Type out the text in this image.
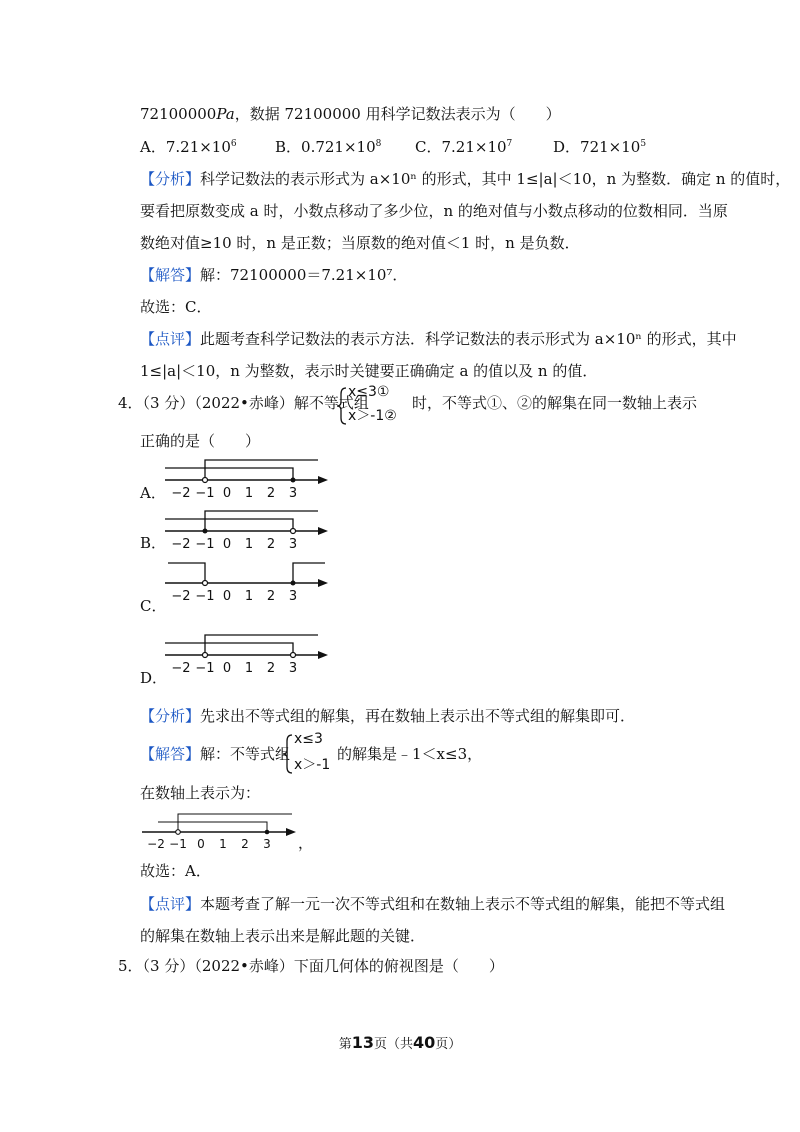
72100000Pa，数据 72100000 用科学记数法表示为（　　）
A．$7.21\times 10^6$	B．$0.721\times 10^8$ C．$7.21\times 10^7$	D．$721\times 10^5$
【分析】科学记数法的表示形式为 a×10ⁿ 的形式，其中 1≤|a|＜10，n 为整数．确定 n 的值时，
要看把原数变成 a 时，小数点移动了多少位，n 的绝对值与小数点移动的位数相同．当原
数绝对值≥10 时，n 是正数；当原数的绝对值＜1 时，n 是负数．
【解答】解：72100000＝7.21×10⁷．
故选：C．
【点评】此题考查科学记数法的表示方法．科学记数法的表示形式为 a×10ⁿ 的形式，其中
1≤|a|＜10，n 为整数，表示时关键要正确确定 a 的值以及 n 的值．
4．（3 分）（2022•赤峰）解不等式组
x≤3①
x＞-1②
时，不等式①、②的解集在同一数轴上表示
正确的是（　　）
A． −2 −1 0 1 2 3
B． −2 −1 0 1 2 3
C．
−2 −1 0 1 2 3
D．
−2 −1 0 1 2 3
【分析】先求出不等式组的解集，再在数轴上表示出不等式组的解集即可．
【解答】解：不等式组
x≤3
x＞-1
的解集是﹣1＜x≤3，
在数轴上表示为：
−2 −1 0 1 2 3 ，
故选：A．
【点评】本题考查了解一元一次不等式组和在数轴上表示不等式组的解集，能把不等式组
的解集在数轴上表示出来是解此题的关键．
5．（3 分）（2022•赤峰）下面几何体的俯视图是（　　）
第13页（共40页）
